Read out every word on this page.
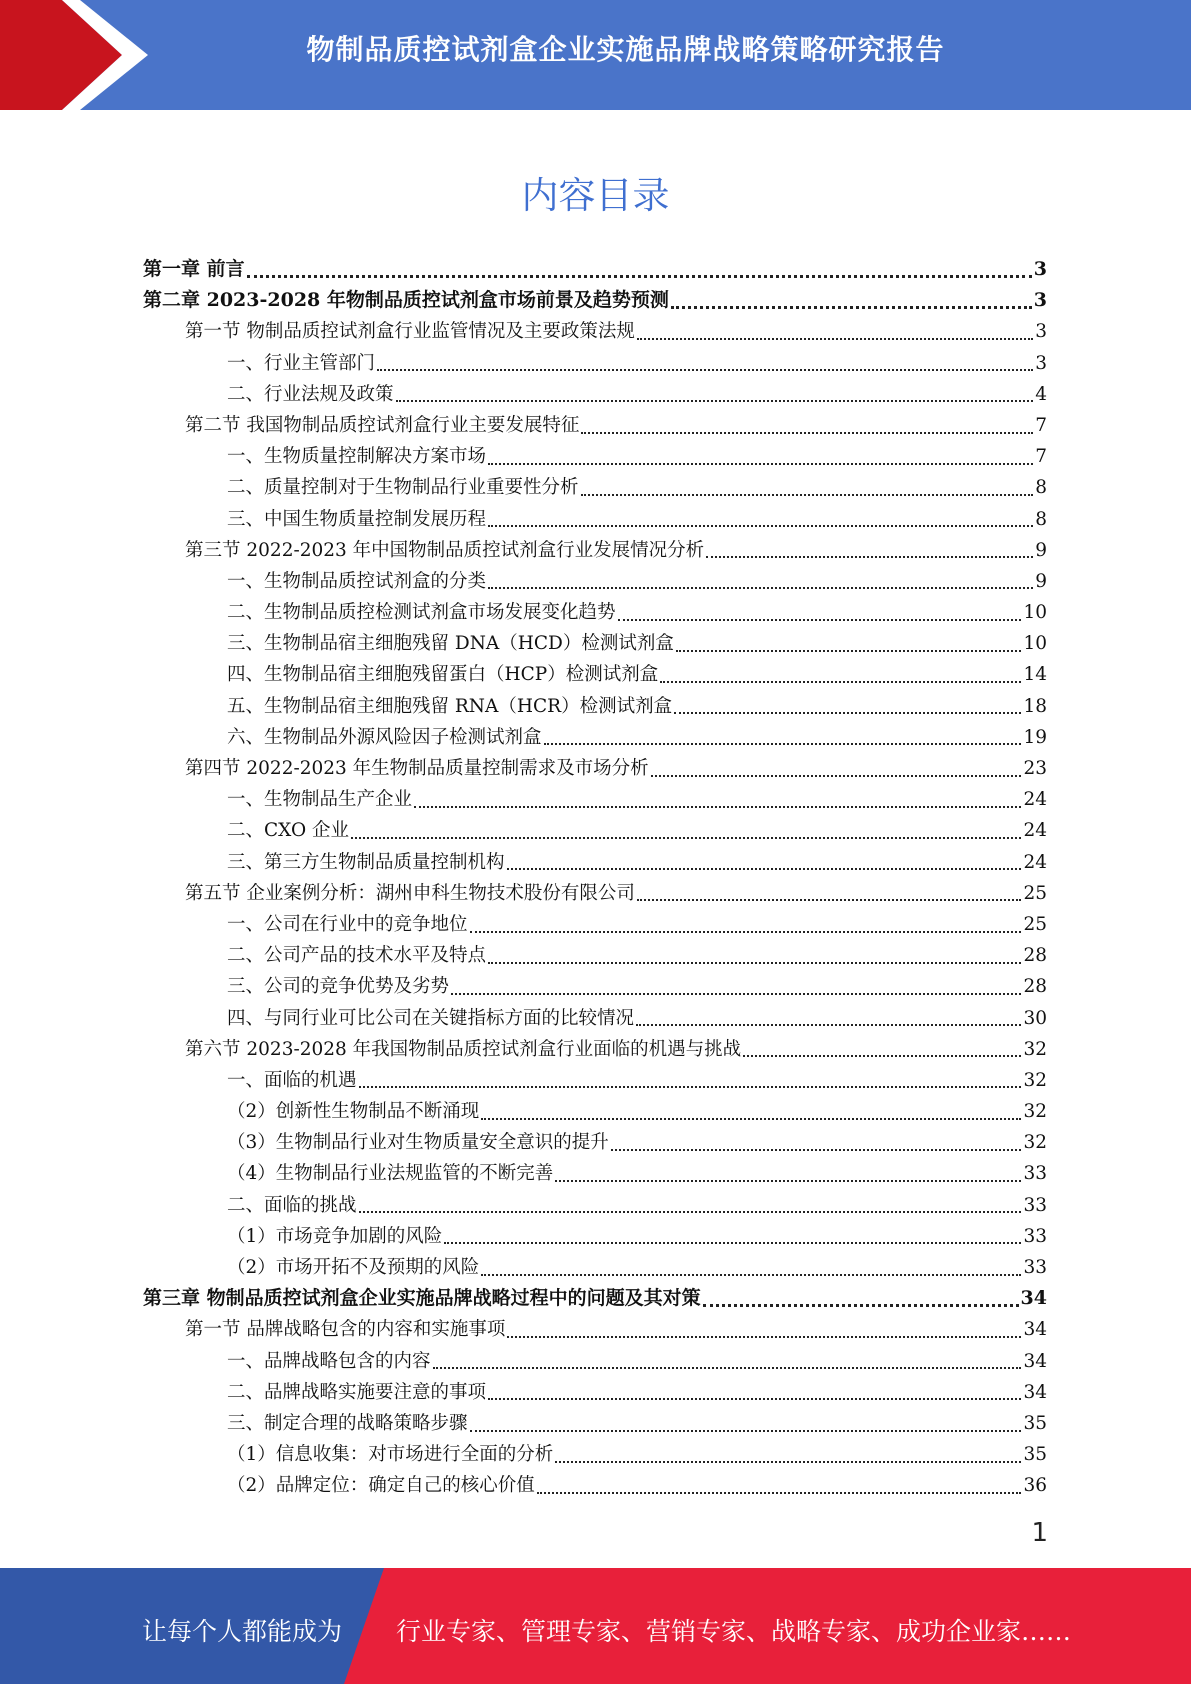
物制品质控试剂盒企业实施品牌战略策略研究报告
内容目录
第一章 前言	3
第二章 2023-2028 年物制品质控试剂盒市场前景及趋势预测	3
第一节 物制品质控试剂盒行业监管情况及主要政策法规	3
一、行业主管部门	3
二、行业法规及政策	4
第二节 我国物制品质控试剂盒行业主要发展特征	7
一、生物质量控制解决方案市场	7
二、质量控制对于生物制品行业重要性分析	8
三、中国生物质量控制发展历程	8
第三节 2022-2023 年中国物制品质控试剂盒行业发展情况分析	9
一、生物制品质控试剂盒的分类	9
二、生物制品质控检测试剂盒市场发展变化趋势	10
三、生物制品宿主细胞残留 DNA（HCD）检测试剂盒	10
四、生物制品宿主细胞残留蛋白（HCP）检测试剂盒	14
五、生物制品宿主细胞残留 RNA（HCR）检测试剂盒	18
六、生物制品外源风险因子检测试剂盒	19
第四节 2022-2023 年生物制品质量控制需求及市场分析	23
一、生物制品生产企业	24
二、CXO 企业	24
三、第三方生物制品质量控制机构	24
第五节 企业案例分析：湖州申科生物技术股份有限公司	25
一、公司在行业中的竞争地位	25
二、公司产品的技术水平及特点	28
三、公司的竞争优势及劣势	28
四、与同行业可比公司在关键指标方面的比较情况	30
第六节 2023-2028 年我国物制品质控试剂盒行业面临的机遇与挑战	32
一、面临的机遇	32
（2）创新性生物制品不断涌现	32
（3）生物制品行业对生物质量安全意识的提升	32
（4）生物制品行业法规监管的不断完善	33
二、面临的挑战	33
（1）市场竞争加剧的风险	33
（2）市场开拓不及预期的风险	33
第三章 物制品质控试剂盒企业实施品牌战略过程中的问题及其对策	34
第一节 品牌战略包含的内容和实施事项	34
一、品牌战略包含的内容	34
二、品牌战略实施要注意的事项	34
三、制定合理的战略策略步骤	35
（1）信息收集：对市场进行全面的分析	35
（2）品牌定位：确定自己的核心价值	36
1
让每个人都能成为 行业专家、管理专家、营销专家、战略专家、成功企业家……
